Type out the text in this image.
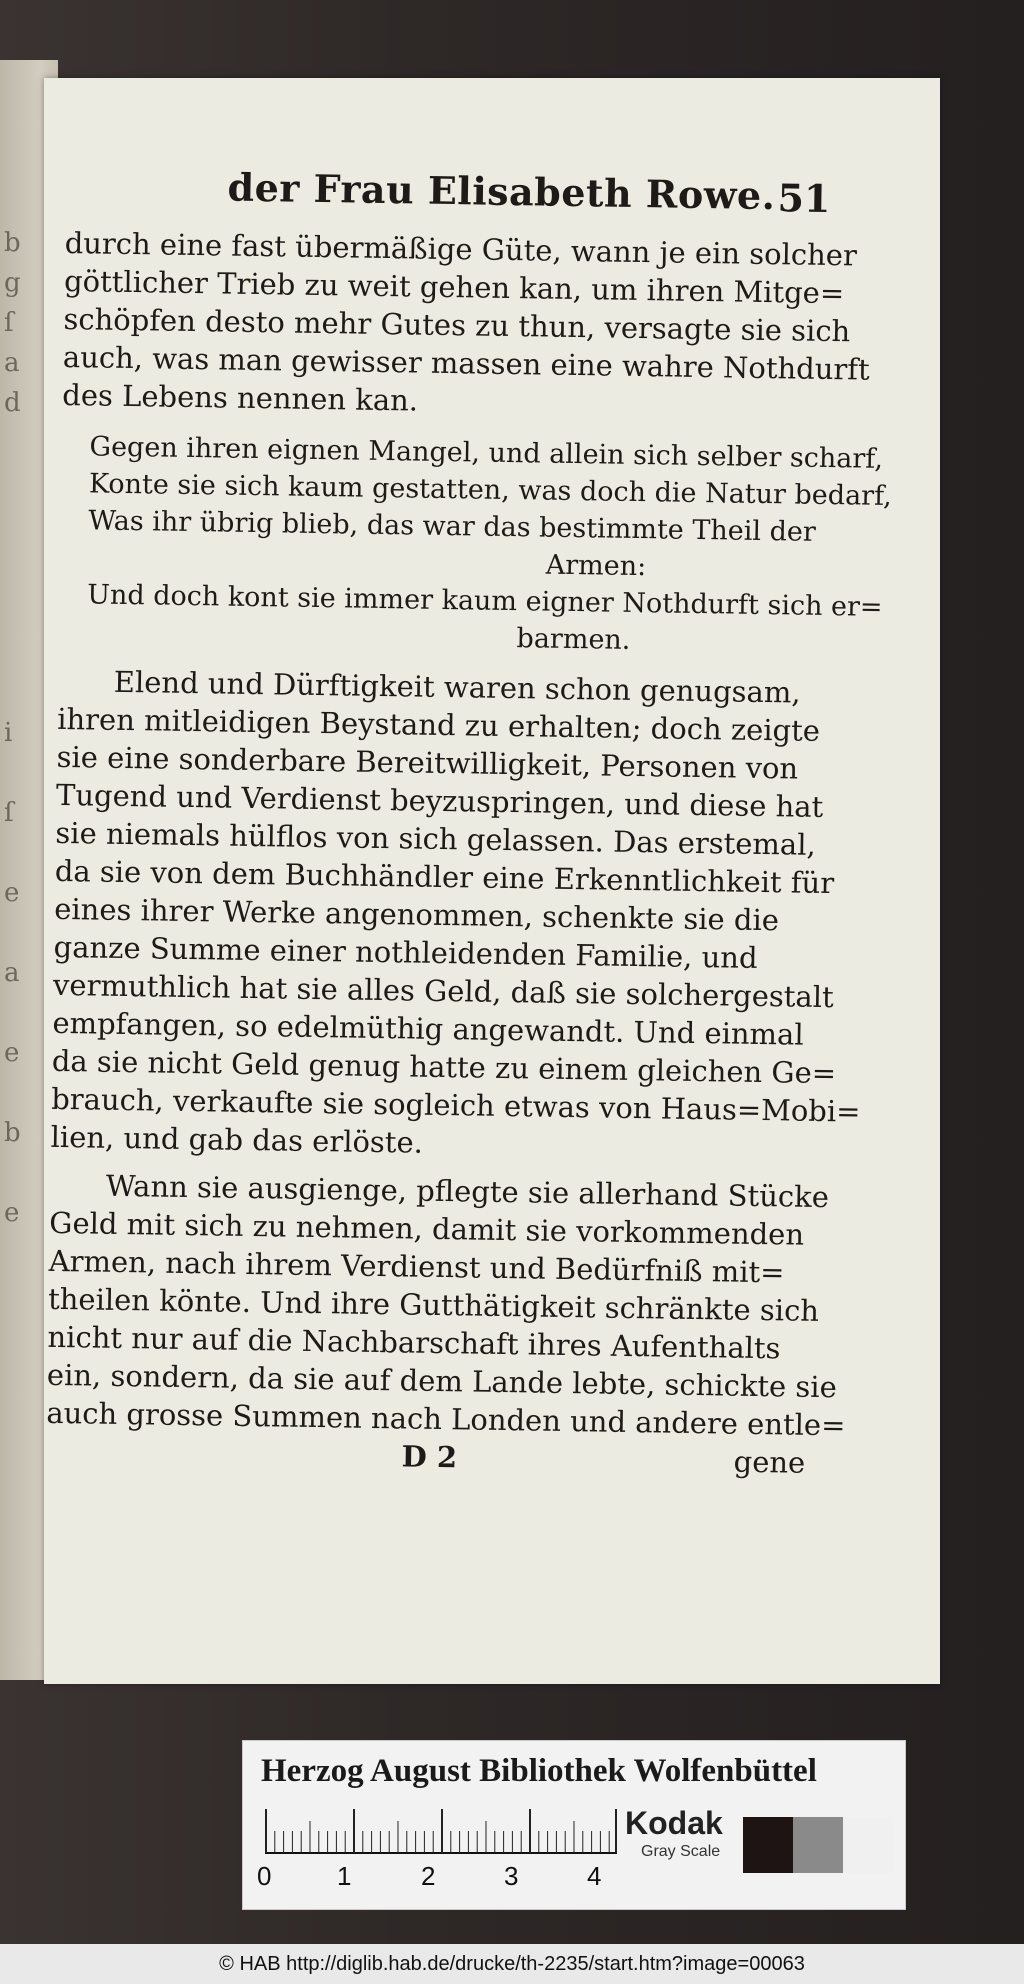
b
g
ſ
a
d
i
ſ
e
a
e
b
e
der Frau Elisabeth Rowe. 51

durch eine fast übermäßige Güte, wann je ein solcher
göttlicher Trieb zu weit gehen kan, um ihren Mitge=
schöpfen desto mehr Gutes zu thun, versagte sie sich
auch, was man gewisser massen eine wahre Nothdurft
des Lebens nennen kan.

Gegen ihren eignen Mangel, und allein sich selber scharf,
Konte sie sich kaum gestatten, was doch die Natur bedarf,
Was ihr übrig blieb, das war das bestimmte Theil der
Armen:
Und doch kont sie immer kaum eigner Nothdurft sich er=
barmen.

Elend und Dürftigkeit waren schon genugsam,
ihren mitleidigen Beystand zu erhalten; doch zeigte
sie eine sonderbare Bereitwilligkeit, Personen von
Tugend und Verdienst beyzuspringen, und diese hat
sie niemals hülflos von sich gelassen. Das erstemal,
da sie von dem Buchhändler eine Erkenntlichkeit für
eines ihrer Werke angenommen, schenkte sie die
ganze Summe einer nothleidenden Familie, und
vermuthlich hat sie alles Geld, daß sie solchergestalt
empfangen, so edelmüthig angewandt. Und einmal
da sie nicht Geld genug hatte zu einem gleichen Ge=
brauch, verkaufte sie sogleich etwas von Haus=Mobi=
lien, und gab das erlöste.

Wann sie ausgienge, pflegte sie allerhand Stücke
Geld mit sich zu nehmen, damit sie vorkommenden
Armen, nach ihrem Verdienst und Bedürfniß mit=
theilen könte. Und ihre Gutthätigkeit schränkte sich
nicht nur auf die Nachbarschaft ihres Aufenthalts
ein, sondern, da sie auf dem Lande lebte, schickte sie
auch grosse Summen nach Londen und andere entle=

D 2	gene
Herzog August Bibliothek Wolfenbüttel
0	1	2	3	4
Kodak
Gray Scale
© HAB http://diglib.hab.de/drucke/th-2235/start.htm?image=00063
